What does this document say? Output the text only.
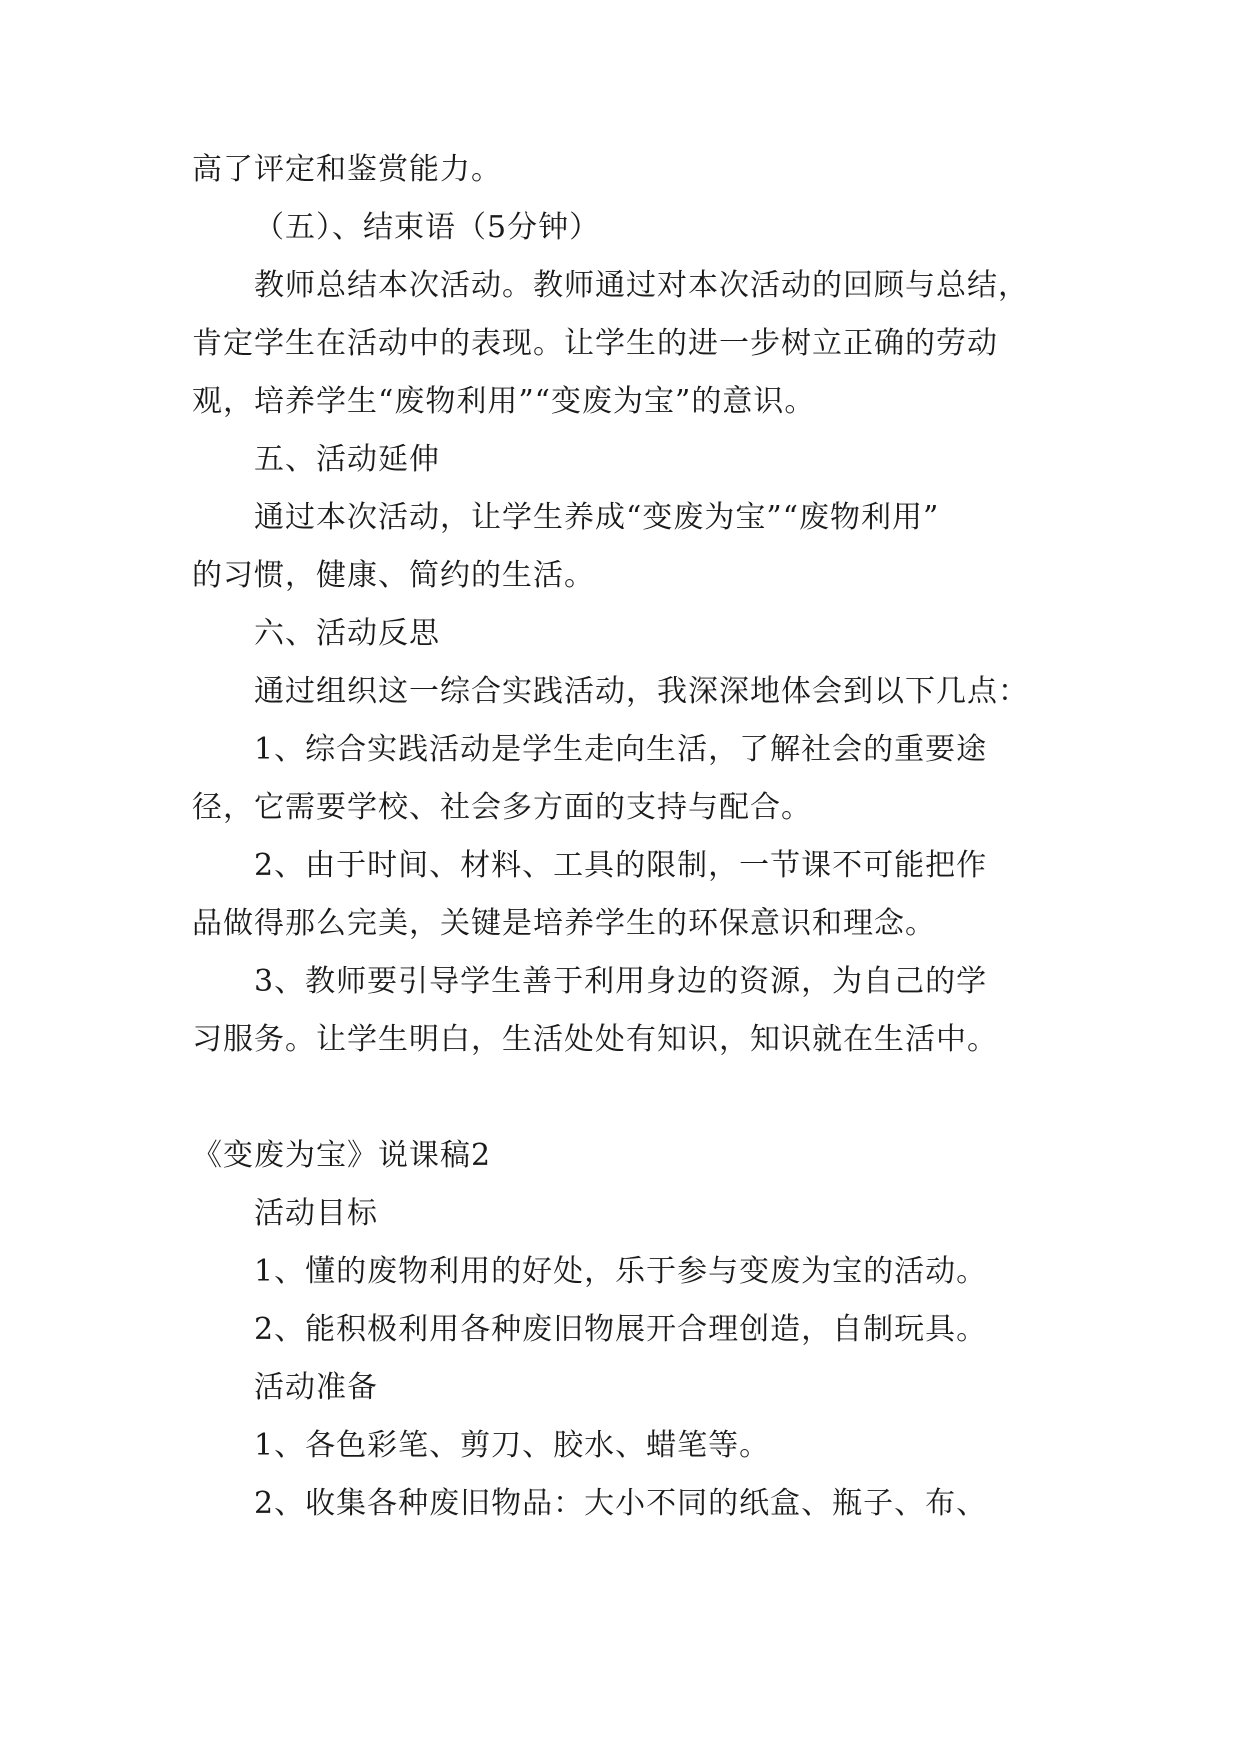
高了评定和鉴赏能力。
（五）、结束语（5分钟）
教师总结本次活动。教师通过对本次活动的回顾与总结，
肯定学生在活动中的表现。让学生的进一步树立正确的劳动
观，培养学生“废物利用”“变废为宝”的意识。
五、活动延伸
通过本次活动，让学生养成“变废为宝”“废物利用”
的习惯，健康、简约的生活。
六、活动反思
通过组织这一综合实践活动，我深深地体会到以下几点：
1、综合实践活动是学生走向生活，了解社会的重要途
径，它需要学校、社会多方面的支持与配合。
2、由于时间、材料、工具的限制，一节课不可能把作
品做得那么完美，关键是培养学生的环保意识和理念。
3、教师要引导学生善于利用身边的资源，为自己的学
习服务。让学生明白，生活处处有知识，知识就在生活中。
《变废为宝》说课稿2
活动目标
1、懂的废物利用的好处，乐于参与变废为宝的活动。
2、能积极利用各种废旧物展开合理创造，自制玩具。
活动准备
1、各色彩笔、剪刀、胶水、蜡笔等。
2、收集各种废旧物品：大小不同的纸盒、瓶子、布、
